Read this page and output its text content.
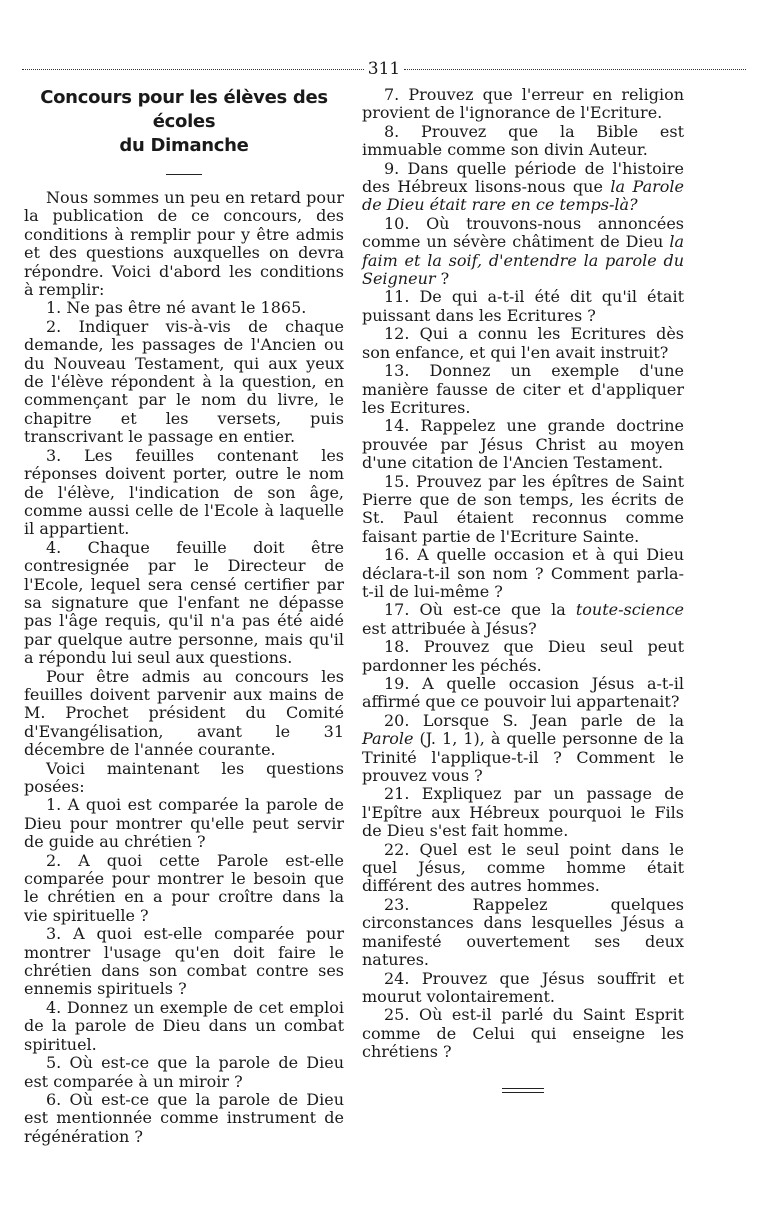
311
Concours pour les élèves des écoles
du Dimanche

Nous sommes un peu en retard pour la publication de ce concours, des conditions à remplir pour y être admis et des questions auxquelles on devra répondre. Voici d'abord les conditions à remplir:

1. Ne pas être né avant le 1865.

2. Indiquer vis-à-vis de chaque demande, les passages de l'Ancien ou du Nouveau Testament, qui aux yeux de l'élève répondent à la question, en commençant par le nom du livre, le chapitre et les versets, puis transcrivant le passage en entier.

3. Les feuilles contenant les réponses doivent porter, outre le nom de l'élève, l'indication de son âge, comme aussi celle de l'Ecole à laquelle il appartient.

4. Chaque feuille doit être contresignée par le Directeur de l'Ecole, lequel sera censé certifier par sa signature que l'enfant ne dépasse pas l'âge requis, qu'il n'a pas été aidé par quelque autre personne, mais qu'il a répondu lui seul aux questions.

Pour être admis au concours les feuilles doivent parvenir aux mains de M. Prochet président du Comité d'Evangélisation, avant le 31 décembre de l'année courante.

Voici maintenant les questions posées:

1. A quoi est comparée la parole de Dieu pour montrer qu'elle peut servir de guide au chrétien ?

2. A quoi cette Parole est-elle comparée pour montrer le besoin que le chrétien en a pour croître dans la vie spirituelle ?

3. A quoi est-elle comparée pour montrer l'usage qu'en doit faire le chrétien dans son combat contre ses ennemis spirituels ?

4. Donnez un exemple de cet emploi de la parole de Dieu dans un combat spirituel.

5. Où est-ce que la parole de Dieu est comparée à un miroir ?

6. Où est-ce que la parole de Dieu est mentionnée comme instrument de régénération ?

7. Prouvez que l'erreur en religion provient de l'ignorance de l'Ecriture.

8. Prouvez que la Bible est immuable comme son divin Auteur.

9. Dans quelle période de l'histoire des Hébreux lisons-nous que la Parole de Dieu était rare en ce temps-là?

10. Où trouvons-nous annoncées comme un sévère châtiment de Dieu la faim et la soif, d'entendre la parole du Seigneur ?

11. De qui a-t-il été dit qu'il était puissant dans les Ecritures ?

12. Qui a connu les Ecritures dès son enfance, et qui l'en avait instruit?

13. Donnez un exemple d'une manière fausse de citer et d'appliquer les Ecritures.

14. Rappelez une grande doctrine prouvée par Jésus Christ au moyen d'une citation de l'Ancien Testament.

15. Prouvez par les épîtres de Saint Pierre que de son temps, les écrits de St. Paul étaient reconnus comme faisant partie de l'Ecriture Sainte.

16. A quelle occasion et à qui Dieu déclara-t-il son nom ? Comment parla-t-il de lui-même ?

17. Où est-ce que la toute-science est attribuée à Jésus?

18. Prouvez que Dieu seul peut pardonner les péchés.

19. A quelle occasion Jésus a-t-il affirmé que ce pouvoir lui appartenait?

20. Lorsque S. Jean parle de la Parole (J. 1, 1), à quelle personne de la Trinité l'applique-t-il ? Comment le prouvez vous ?

21. Expliquez par un passage de l'Epître aux Hébreux pourquoi le Fils de Dieu s'est fait homme.

22. Quel est le seul point dans le quel Jésus, comme homme était différent des autres hommes.

23. Rappelez quelques circonstances dans lesquelles Jésus a manifesté ouvertement ses deux natures.

24. Prouvez que Jésus souffrit et mourut volontairement.

25. Où est-il parlé du Saint Esprit comme de Celui qui enseigne les chrétiens ?
